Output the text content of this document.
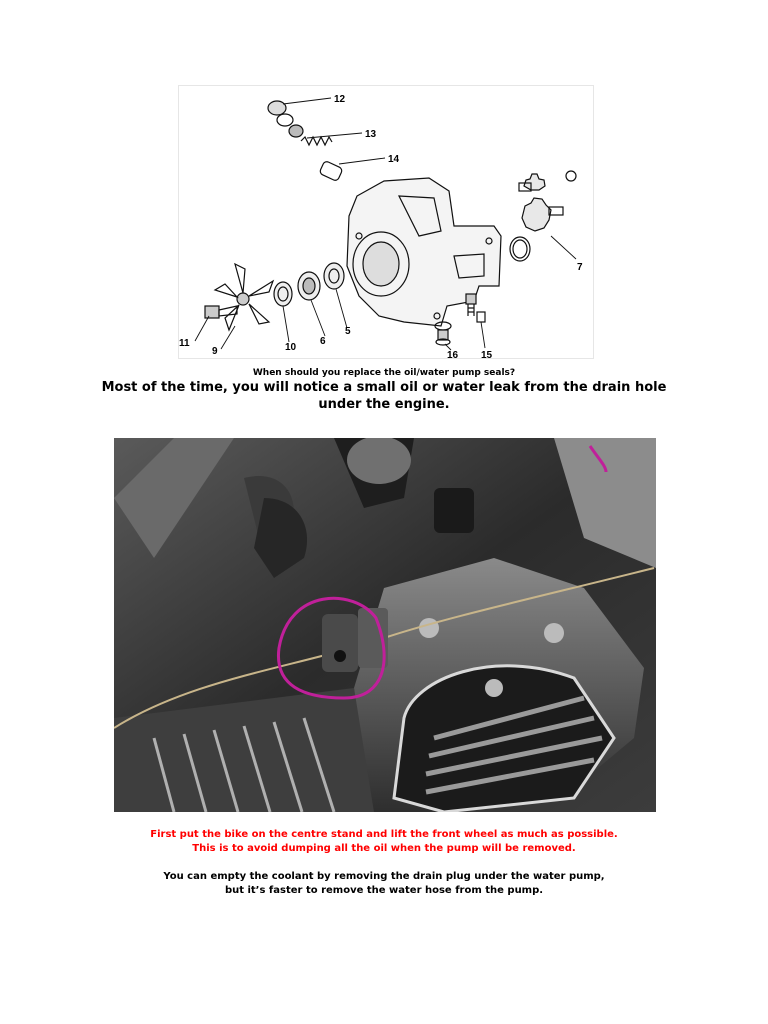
12
13
14
7
11
9	10
6
5
16 15
When should you replace the oil/water pump seals?
Most of the time, you will notice a small oil or water leak from the drain hole under the engine.
First put the bike on the centre stand and lift the front wheel as much as possible.
This is to avoid dumping all the oil when the pump will be removed.
You can empty the coolant by removing the drain plug under the water pump,
but it’s faster to remove the water hose from the pump.
